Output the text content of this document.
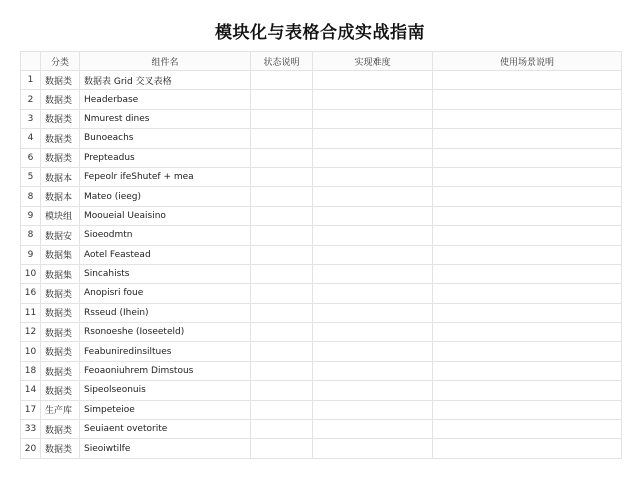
模块化与表格合成实战指南
	分类	组件名	状态说明	实现难度	使用场景说明
1	数据类	数据表 Grid 交叉表格			
2	数据类	Headerbase			
3	数据类	Nmurest dines			
4	数据类	Bunoeachs			
6	数据类	Prepteadus			
5	数据本	Fepeolr ifeShutef + mea			
8	数据本	Mateo (ieeg)			
9	模块组	Mooueial Ueaisino			
8	数据安	Sioeodmtn			
9	数据集	Aotel Feastead			
10	数据集	Sincahists			
16	数据类	Anopisri foue			
11	数据类	Rsseud (Ihein)			
12	数据类	Rsonoeshe (Ioseeteld)			
10	数据类	Feabuniredinsiltues			
18	数据类	Feoaoniuhrem Dimstous			
14	数据类	Sipeolseonuis			
17	生产库	Simpeteioe			
33	数据类	Seuiaent ovetorite			
20	数据类	Sieoiwtilfe			
